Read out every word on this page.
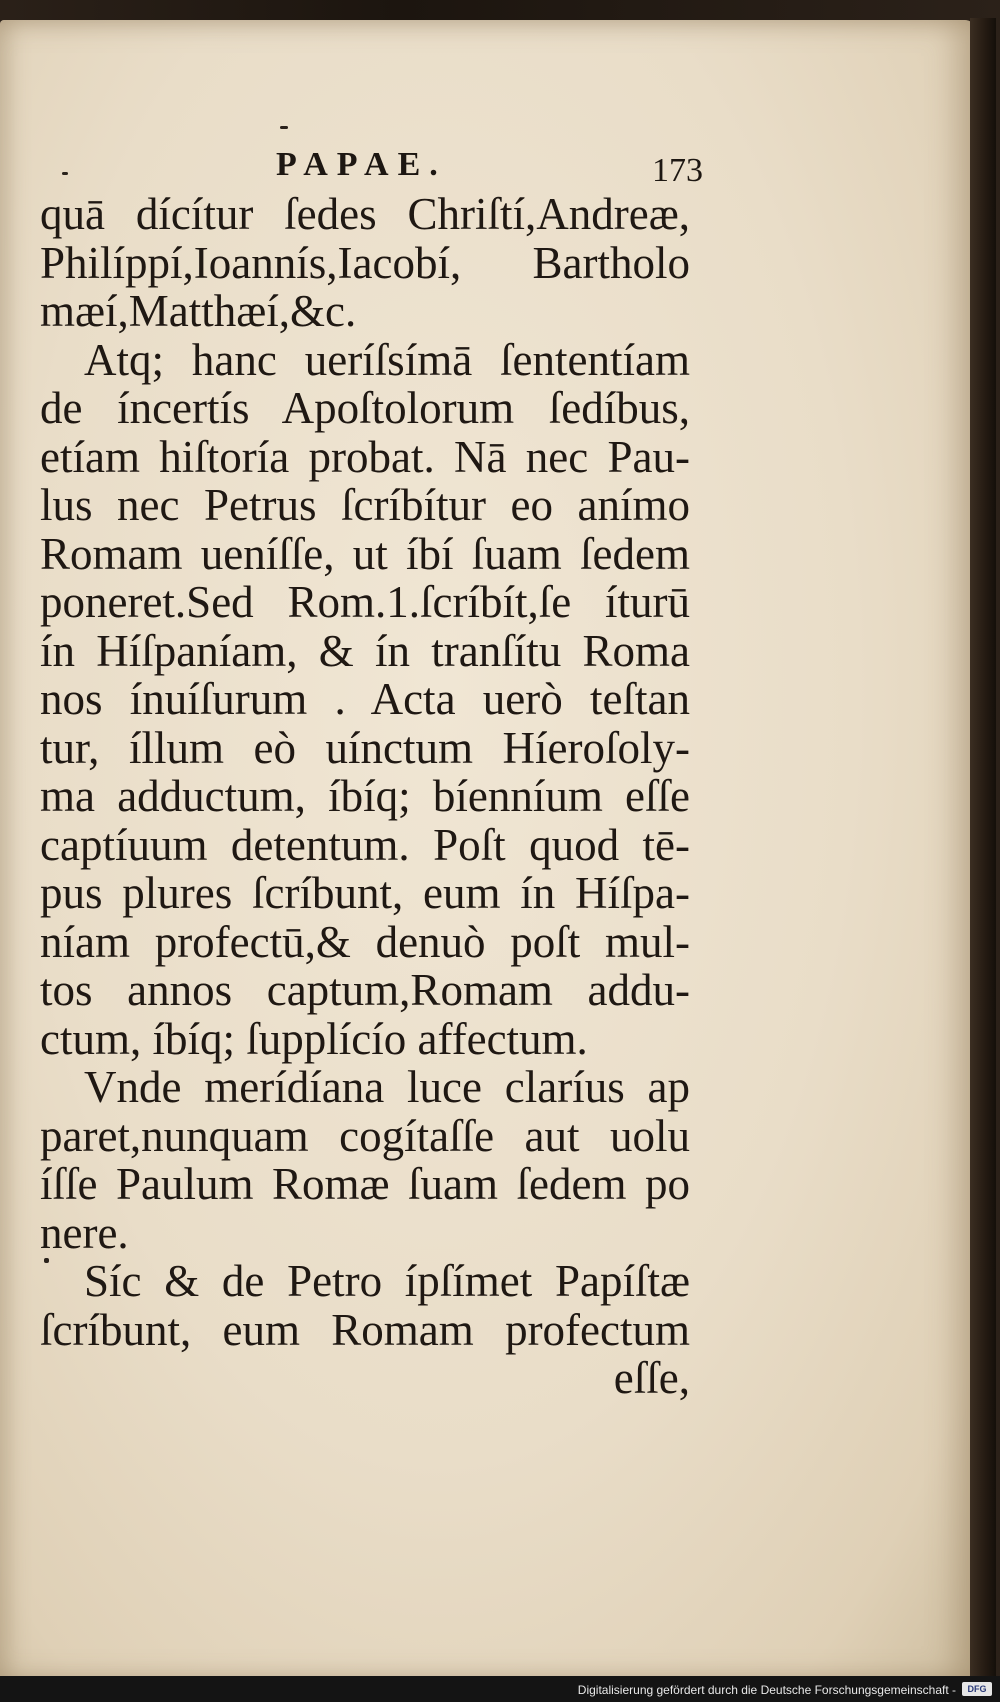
PAPAE.	173
quā dícítur ſedes Chriſtí,Andreæ,
Philíppí,Ioannís,Iacobí, Bartholo
mæí,Matthæí,&c.
Atq; hanc ueríſsímā ſententíam
de íncertís Apoſtolorum ſedíbus,
etíam hiſtoría probat. Nā nec Pau-
lus nec Petrus ſcríbítur eo anímo
Romam ueníſſe, ut íbí ſuam ſedem
poneret.Sed Rom.1.ſcríbít,ſe íturū
ín Híſpaníam, & ín tranſítu Roma
nos ínuíſurum . Acta uerò teſtan
tur, íllum eò uínctum Híeroſoly-
ma adductum, íbíq; bíenníum eſſe
captíuum detentum. Poſt quod tē-
pus plures ſcríbunt, eum ín Híſpa-
níam profectū,& denuò poſt mul-
tos annos captum,Romam addu-
ctum, íbíq; ſupplícío affectum.
Vnde merídíana luce claríus ap
paret,nunquam cogítaſſe aut uolu
íſſe Paulum Romæ ſuam ſedem po
nere.
Síc & de Petro ípſímet Papíſtæ
ſcríbunt, eum Romam profectum
eſſe,
Digitalisierung gefördert durch die Deutsche Forschungsgemeinschaft - DFG
